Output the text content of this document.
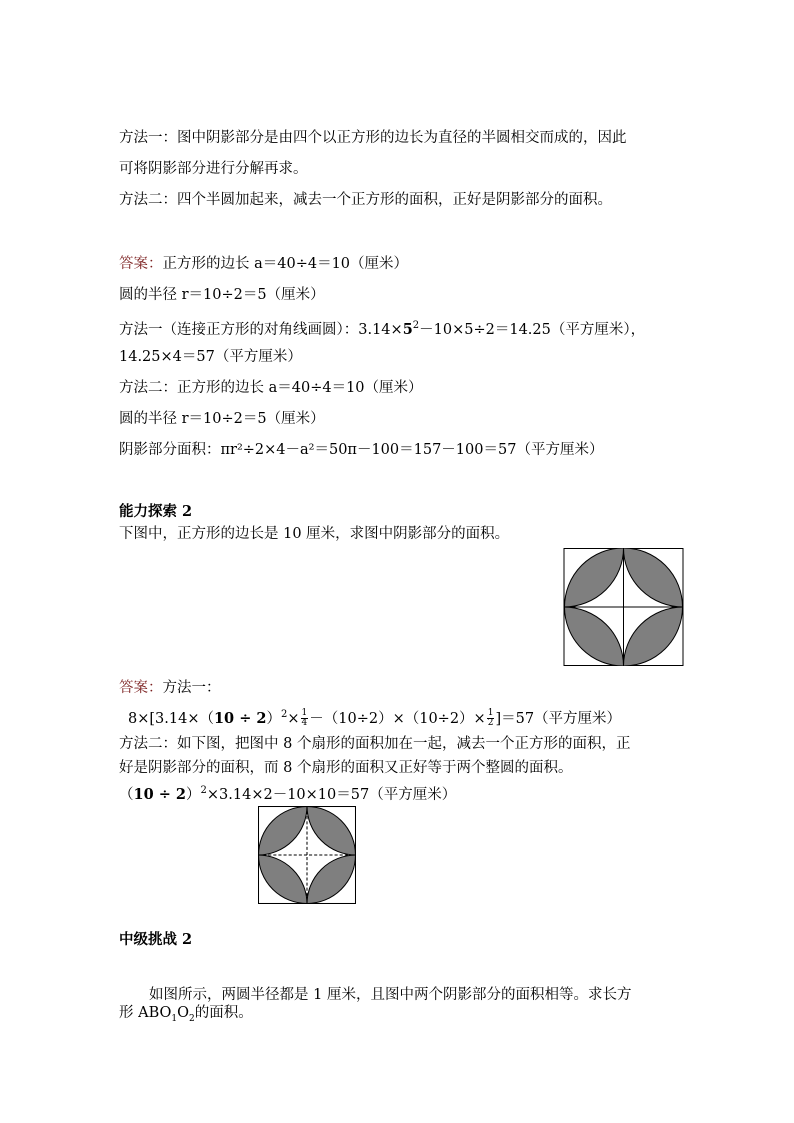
方法一：图中阴影部分是由四个以正方形的边长为直径的半圆相交而成的，因此
可将阴影部分进行分解再求。
方法二：四个半圆加起来，减去一个正方形的面积，正好是阴影部分的面积。
答案：正方形的边长 a＝40÷4＝10（厘米）
圆的半径 r＝10÷2＝5（厘米）
方法一（连接正方形的对角线画圆）：$3.14\times 5^2-10\times 5\div 2=14.25$（平方厘米），
14.25×4＝57（平方厘米）
方法二：正方形的边长 a＝40÷4＝10（厘米）
圆的半径 r＝10÷2＝5（厘米）
阴影部分面积：πr²÷2×4－a²＝50π－100＝157－100＝57（平方厘米）
能力探索 2
下图中，正方形的边长是 10 厘米，求图中阴影部分的面积。
答案：方法一：
$8\times[3.14\times(10 \div 2)^2\times \frac{1}{4} -(10\div 2)\times(10\div 2)\times \frac{1}{2} ]=57$（平方厘米）
方法二：如下图，把图中 8 个扇形的面积加在一起，减去一个正方形的面积，正
好是阴影部分的面积，而 8 个扇形的面积又正好等于两个整圆的面积。
$(10 \div 2)^2\times 3.14\times 2-10\times 10=57$（平方厘米）
中级挑战 2
如图所示，两圆半径都是 1 厘米，且图中两个阴影部分的面积相等。求长方
形 $ABO_1O_2$的面积。
